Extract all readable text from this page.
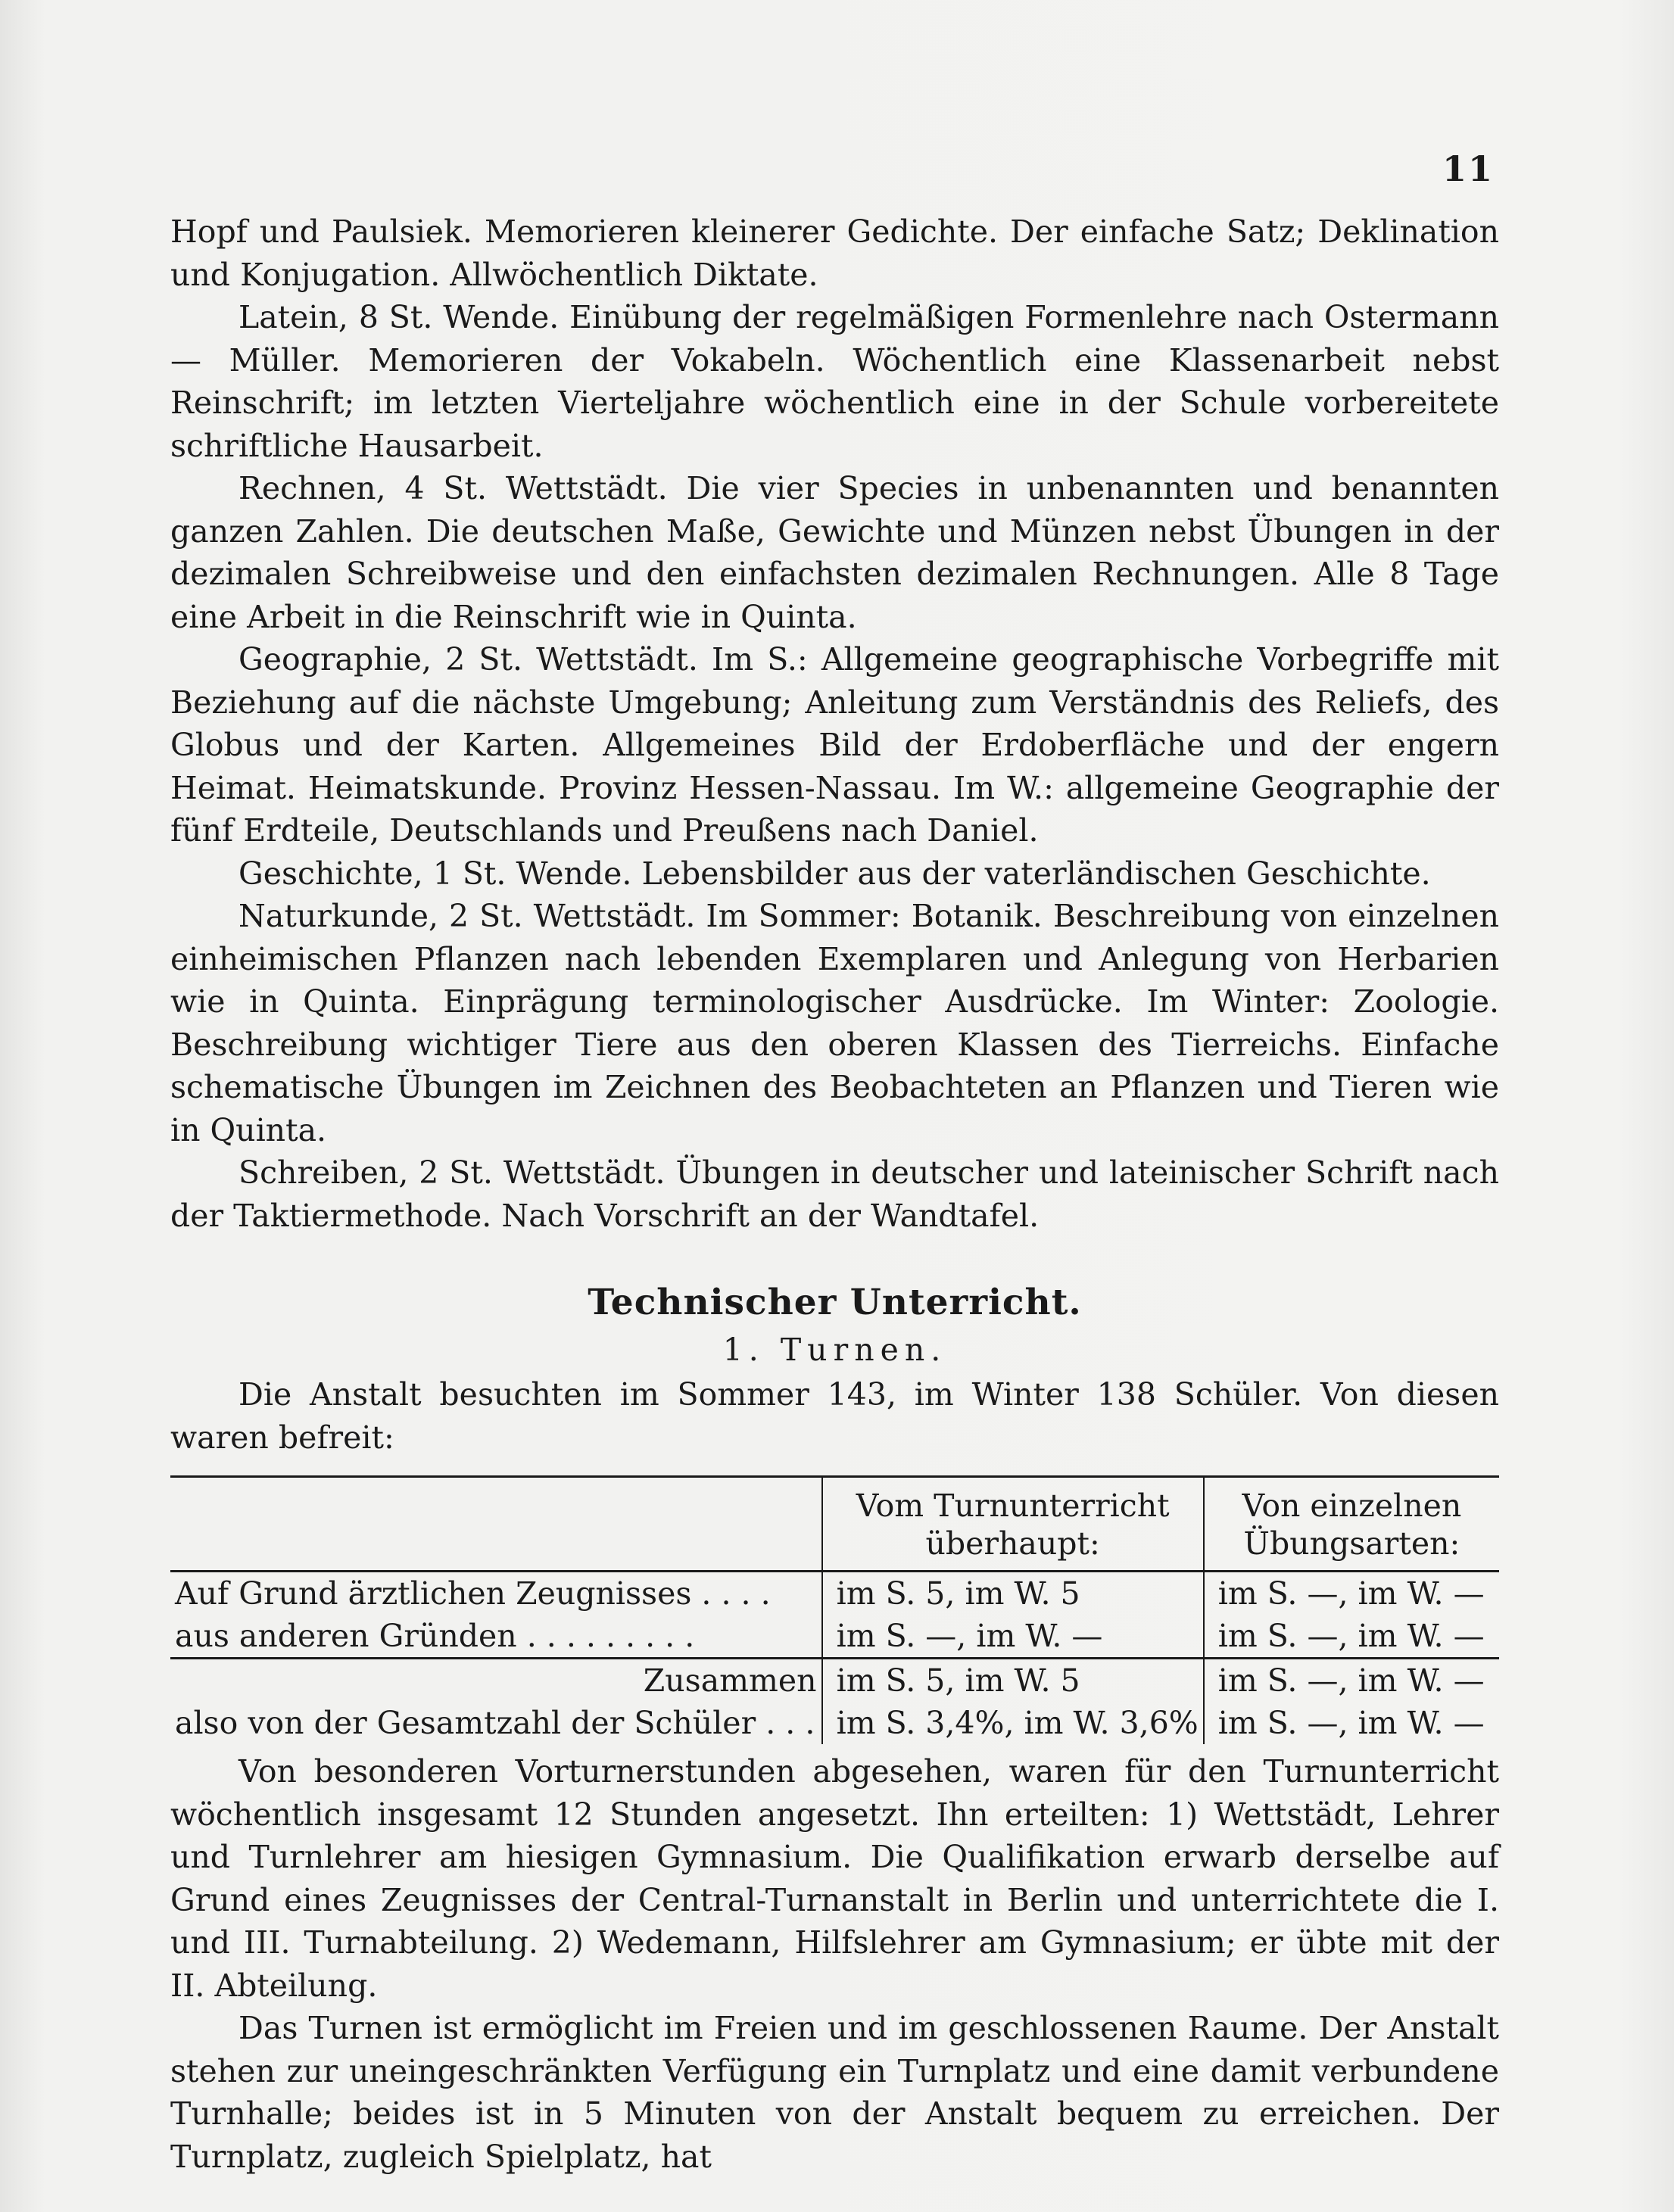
11

Hopf und Paulsiek. Memorieren kleinerer Gedichte. Der einfache Satz; Deklination und Konjugation. Allwöchentlich Diktate.

Latein, 8 St. Wende. Einübung der regelmäßigen Formenlehre nach Ostermann — Müller. Memorieren der Vokabeln. Wöchentlich eine Klassenarbeit nebst Reinschrift; im letzten Vierteljahre wöchentlich eine in der Schule vorbereitete schriftliche Hausarbeit.

Rechnen, 4 St. Wettstädt. Die vier Species in unbenannten und benannten ganzen Zahlen. Die deutschen Maße, Gewichte und Münzen nebst Übungen in der dezimalen Schreibweise und den einfachsten dezimalen Rechnungen. Alle 8 Tage eine Arbeit in die Reinschrift wie in Quinta.

Geographie, 2 St. Wettstädt. Im S.: Allgemeine geographische Vorbegriffe mit Beziehung auf die nächste Umgebung; Anleitung zum Verständnis des Reliefs, des Globus und der Karten. Allgemeines Bild der Erdoberfläche und der engern Heimat. Heimatskunde. Provinz Hessen-Nassau. Im W.: allgemeine Geographie der fünf Erdteile, Deutschlands und Preußens nach Daniel.

Geschichte, 1 St. Wende. Lebensbilder aus der vaterländischen Geschichte.

Naturkunde, 2 St. Wettstädt. Im Sommer: Botanik. Beschreibung von einzelnen einheimischen Pflanzen nach lebenden Exemplaren und Anlegung von Herbarien wie in Quinta. Einprägung terminologischer Ausdrücke. Im Winter: Zoologie. Beschreibung wichtiger Tiere aus den oberen Klassen des Tierreichs. Einfache schematische Übungen im Zeichnen des Beobachteten an Pflanzen und Tieren wie in Quinta.

Schreiben, 2 St. Wettstädt. Übungen in deutscher und lateinischer Schrift nach der Taktiermethode. Nach Vorschrift an der Wandtafel.

Technischer Unterricht.
1. Turnen.

Die Anstalt besuchten im Sommer 143, im Winter 138 Schüler. Von diesen waren befreit:

	Vom Turnunterricht überhaupt:	Von einzelnen Übungsarten:
Auf Grund ärztlichen Zeugnisses . . . .	im S. 5, im W. 5	im S. —, im W. —
aus anderen Gründen . . . . . . . . .	im S. —, im W. —	im S. —, im W. —
Zusammen	im S. 5, im W. 5	im S. —, im W. —
also von der Gesamtzahl der Schüler . . .	im S. 3,4%, im W. 3,6%	im S. —, im W. —

Von besonderen Vorturnerstunden abgesehen, waren für den Turnunterricht wöchentlich insgesamt 12 Stunden angesetzt. Ihn erteilten: 1) Wettstädt, Lehrer und Turnlehrer am hiesigen Gymnasium. Die Qualifikation erwarb derselbe auf Grund eines Zeugnisses der Central-Turnanstalt in Berlin und unterrichtete die I. und III. Turnabteilung. 2) Wedemann, Hilfslehrer am Gymnasium; er übte mit der II. Abteilung.

Das Turnen ist ermöglicht im Freien und im geschlossenen Raume. Der Anstalt stehen zur uneingeschränkten Verfügung ein Turnplatz und eine damit verbundene Turnhalle; beides ist in 5 Minuten von der Anstalt bequem zu erreichen. Der Turnplatz, zugleich Spielplatz, hat
